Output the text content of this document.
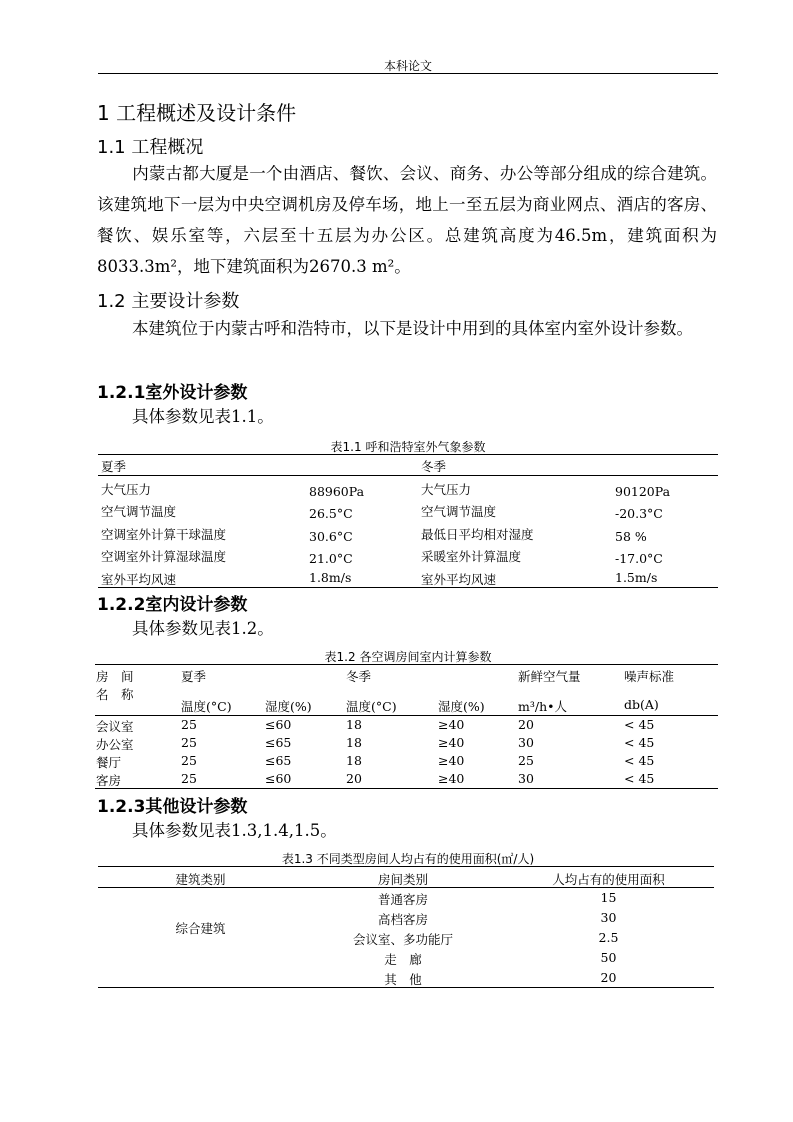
本科论文
1 工程概述及设计条件
1.1 工程概况
内蒙古都大厦是一个由酒店、餐饮、会议、商务、办公等部分组成的综合建筑。该建筑地下一层为中央空调机房及停车场，地上一至五层为商业网点、酒店的客房、餐饮、娱乐室等，六层至十五层为办公区。总建筑高度为46.5m，建筑面积为8033.3m²，地下建筑面积为2670.3 m²。
1.2 主要设计参数
本建筑位于内蒙古呼和浩特市，以下是设计中用到的具体室内室外设计参数。
1.2.1室外设计参数
具体参数见表1.1。
表1.1 呼和浩特室外气象参数
夏季	冬季
大气压力	88960Pa	大气压力	90120Pa
空气调节温度	26.5°C	空气调节温度	-20.3°C
空调室外计算干球温度	30.6°C	最低日平均相对湿度	58 %
空调室外计算湿球温度	21.0°C	采暖室外计算温度	-17.0°C
室外平均风速	1.8m/s	室外平均风速	1.5m/s
1.2.2室内设计参数
具体参数见表1.2。
表1.2 各空调房间室内计算参数
房　间
名　称
夏季	冬季	新鲜空气量	噪声标准
温度(°C)	湿度(%)	温度(°C)	湿度(%)	m³/h•人	db(A)
会议室	25	≤60	18	≥40	20	< 45
办公室	25	≤65	18	≥40	30	< 45
餐厅	25	≤65	18	≥40	25	< 45
客房	25	≤60	20	≥40	30	< 45
1.2.3其他设计参数
具体参数见表1.3,1.4,1.5。
表1.3 不同类型房间人均占有的使用面积(㎡/人)
建筑类别	房间类别	人均占有的使用面积
综合建筑
普通客房	15
高档客房	30
会议室、多功能厅	2.5
走　廊	50
其　他	20
